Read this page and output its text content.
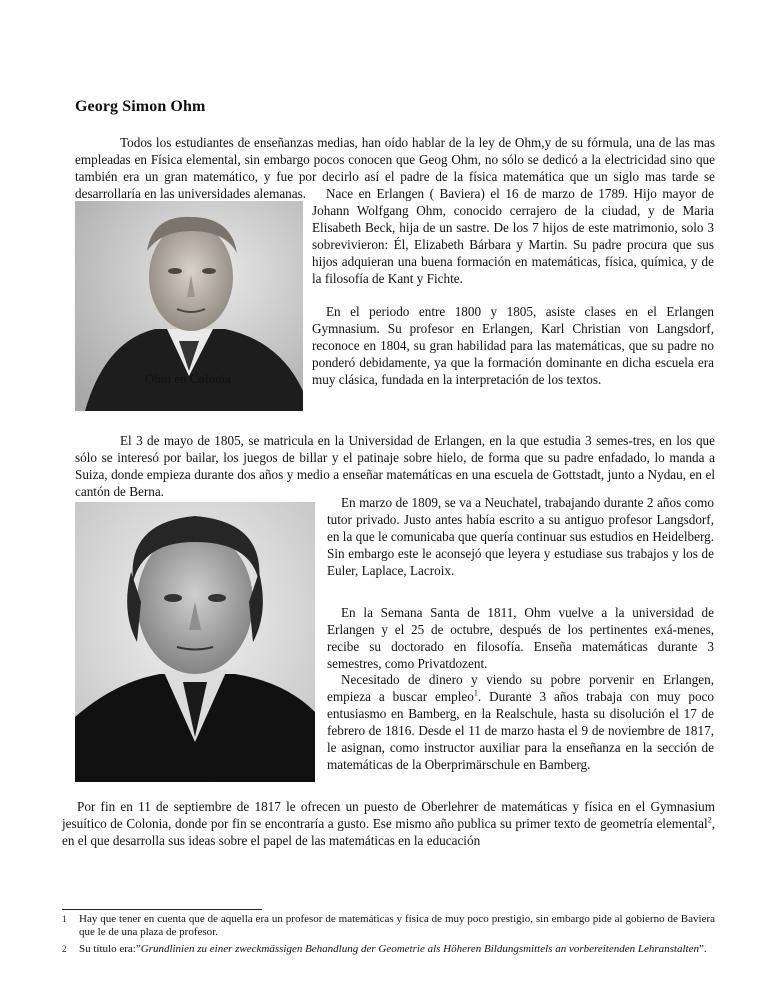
Georg Simon Ohm

Todos los estudiantes de enseñanzas medias, han oído hablar de la ley de Ohm,y de su fórmula, una de las mas empleadas en Física elemental, sin embargo pocos conocen que Geog Ohm, no sólo se dedicó a la electricidad sino que también era un gran matemático, y fue por decirlo así el padre de la física matemática que un siglo mas tarde se desarrollaría en las universidades alemanas.

Ohm en Colonia

Nace en Erlangen ( Baviera) el 16 de marzo de 1789. Hijo mayor de Johann Wolfgang Ohm, conocido cerrajero de la ciudad, y de Maria Elisabeth Beck, hija de un sastre. De los 7 hijos de este matrimonio, solo 3 sobrevivieron: Él, Elizabeth Bárbara y Martin. Su padre procura que sus hijos adquieran una buena formación en matemáticas, física, química, y de la filosofía de Kant y Fichte.

En el periodo entre 1800 y 1805, asiste clases en el Erlangen Gymnasium. Su profesor en Erlangen, Karl Christian von Langsdorf, reconoce en 1804, su gran habilidad para las matemáticas, que su padre no ponderó debidamente, ya que la formación dominante en dicha escuela era muy clásica, fundada en la interpretación de los textos.

El 3 de mayo de 1805, se matricula en la Universidad de Erlangen, en la que estudia 3 semes-tres, en los que sólo se interesó por bailar, los juegos de billar y el patinaje sobre hielo, de forma que su padre enfadado, lo manda a Suiza, donde empieza durante dos años y medio a enseñar matemáticas en una escuela de Gottstadt, junto a Nydau, en el cantón de Berna.

Ohm a los 40 años

En marzo de 1809, se va a Neuchatel, trabajando durante 2 años como tutor privado. Justo antes había escrito a su antiguo profesor Langsdorf, en la que le comunicaba que quería continuar sus estudios en Heidelberg. Sin embargo este le aconsejó que leyera y estudiase sus trabajos y los de Euler, Laplace, Lacroix.

En la Semana Santa de 1811, Ohm vuelve a la universidad de Erlangen y el 25 de octubre, después de los pertinentes exá-menes, recibe su doctorado en filosofía. Enseña matemáticas durante 3 semestres, como Privatdozent.

Necesitado de dinero y viendo su pobre porvenir en Erlangen, empieza a buscar empleo$^1$. Durante 3 años trabaja con muy poco entusiasmo en Bamberg, en la Realschule, hasta su disolución el 17 de febrero de 1816. Desde el 11 de marzo hasta el 9 de noviembre de 1817, le asignan, como instructor auxiliar para la enseñanza en la sección de matemáticas de la Oberprimärschule en Bamberg.

Por fin en 11 de septiembre de 1817 le ofrecen un puesto de Oberlehrer de matemáticas y física en el Gymnasium jesuítico de Colonia, donde por fin se encontraría a gusto. Ese mismo año publica su primer texto de geometría elemental$^2$, en el que desarrolla sus ideas sobre el papel de las matemáticas en la educación

1 Hay que tener en cuenta que de aquella era un profesor de matemáticas y física de muy poco prestigio, sin embargo pide al gobierno de Baviera que le de una plaza de profesor.
2 Su título era:”Grundlinien zu einer zweckmässigen Behandlung der Geometrie als Höheren Bildungsmittels an vorbereitenden Lehranstalten”.
